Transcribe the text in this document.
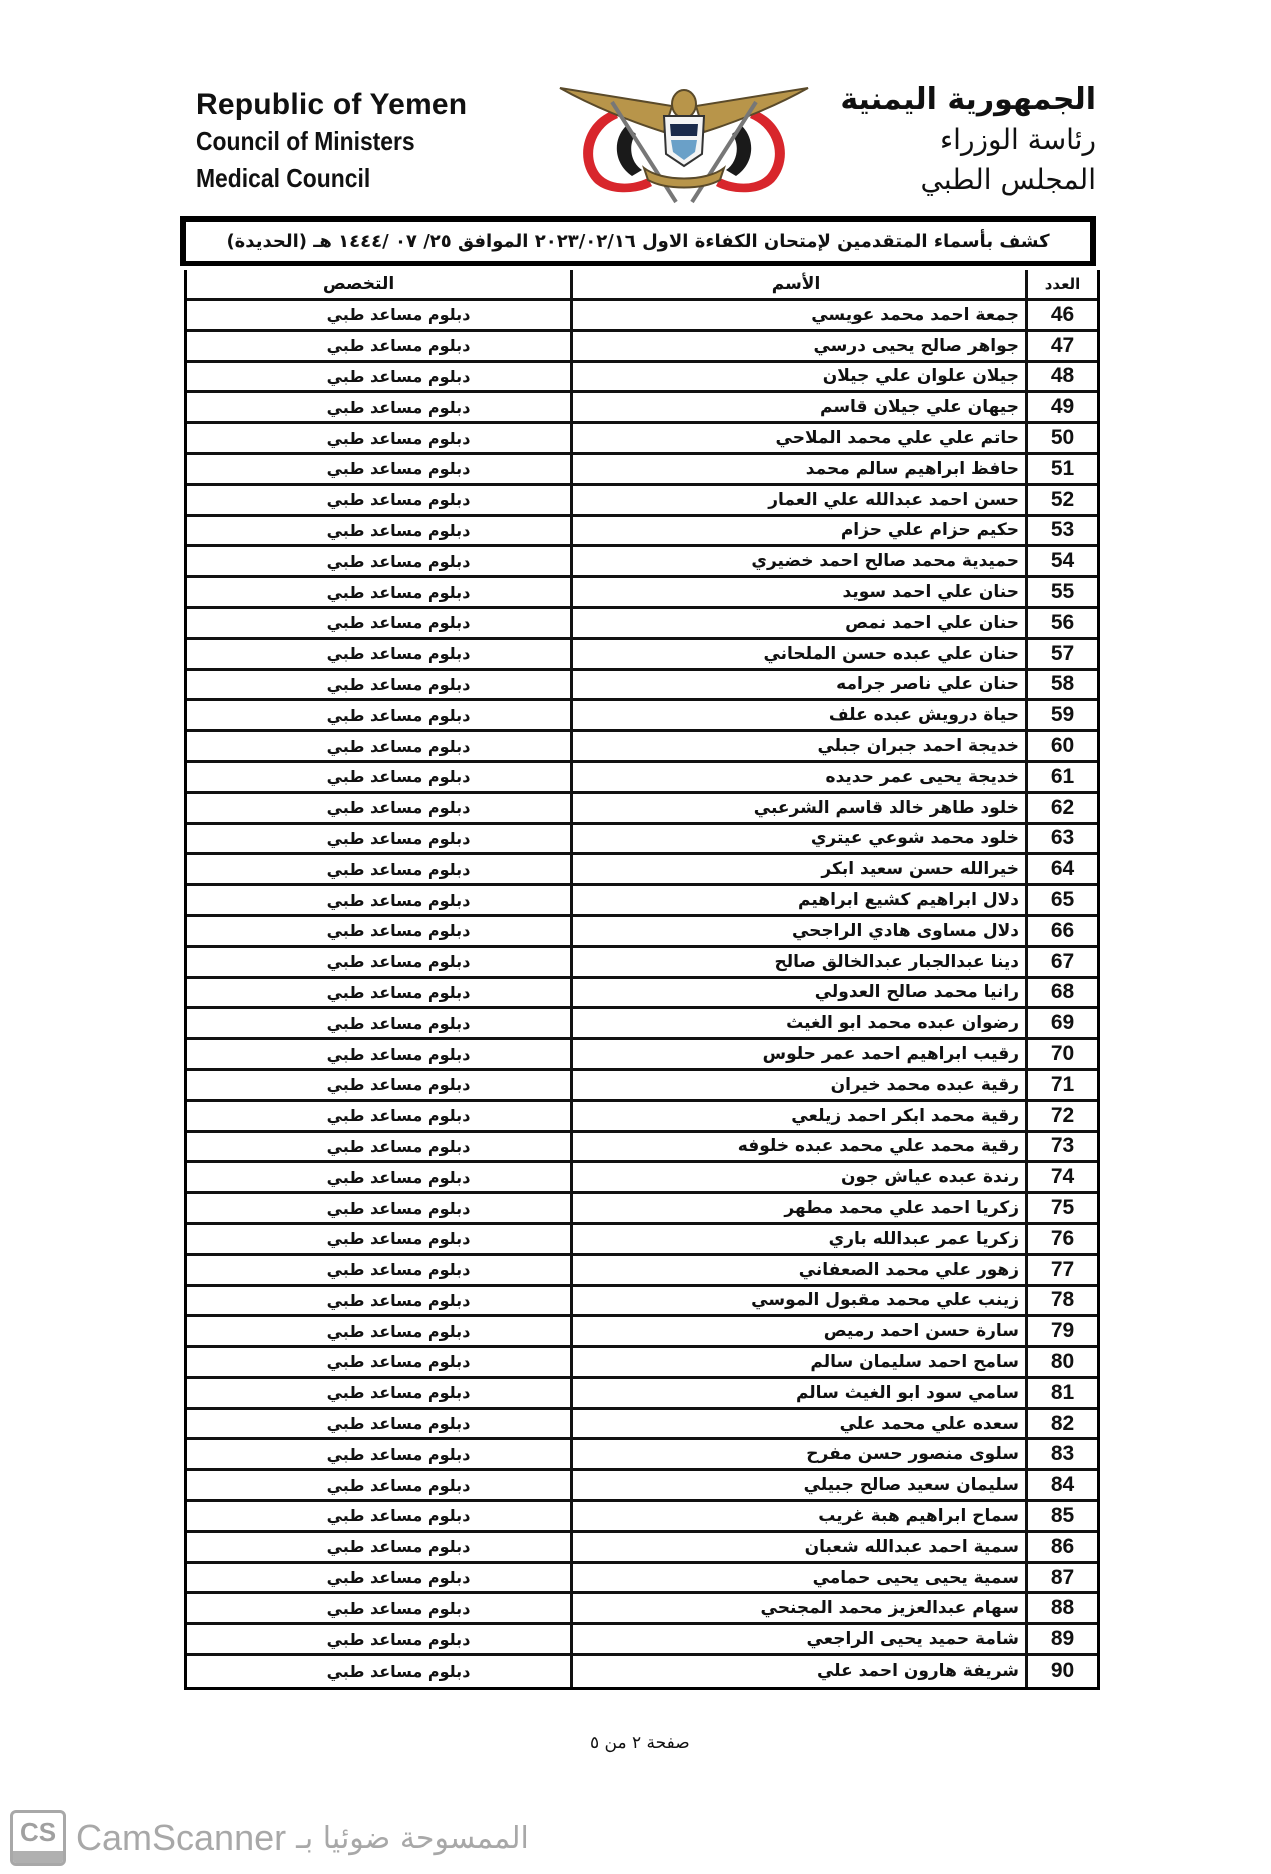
Republic of Yemen
Council of Ministers
Medical Council
الجمهورية اليمنية
رئاسة الوزراء
المجلس الطبي
كشف بأسماء المتقدمين لإمتحان الكفاءة الاول ٢٠٢٣/٠٢/١٦ الموافق ٢٥/ ٠٧ /١٤٤٤ هـ (الحديدة)
العدد
الأسم
التخصص
46
جمعة احمد محمد عويسي
دبلوم مساعد طبي
47
جواهر صالح يحيى درسي
دبلوم مساعد طبي
48
جيلان علوان علي جيلان
دبلوم مساعد طبي
49
جيهان علي جيلان قاسم
دبلوم مساعد طبي
50
حاتم علي علي محمد الملاحي
دبلوم مساعد طبي
51
حافظ ابراهيم سالم محمد
دبلوم مساعد طبي
52
حسن احمد عبدالله علي العمار
دبلوم مساعد طبي
53
حكيم حزام علي حزام
دبلوم مساعد طبي
54
حميدية محمد صالح احمد خضيري
دبلوم مساعد طبي
55
حنان علي احمد سويد
دبلوم مساعد طبي
56
حنان علي احمد نمص
دبلوم مساعد طبي
57
حنان علي عبده حسن الملحاني
دبلوم مساعد طبي
58
حنان علي ناصر جرامه
دبلوم مساعد طبي
59
حياة درويش عبده علف
دبلوم مساعد طبي
60
خديجة احمد جبران جبلي
دبلوم مساعد طبي
61
خديجة يحيى عمر حديده
دبلوم مساعد طبي
62
خلود طاهر خالد قاسم الشرعبي
دبلوم مساعد طبي
63
خلود محمد شوعي عيتري
دبلوم مساعد طبي
64
خيرالله حسن سعيد ابكر
دبلوم مساعد طبي
65
دلال ابراهيم كشيع ابراهيم
دبلوم مساعد طبي
66
دلال مساوى هادي الراجحي
دبلوم مساعد طبي
67
دينا عبدالجبار عبدالخالق صالح
دبلوم مساعد طبي
68
رانيا محمد صالح العدولي
دبلوم مساعد طبي
69
رضوان عبده محمد ابو الغيث
دبلوم مساعد طبي
70
رقيب ابراهيم احمد عمر حلوس
دبلوم مساعد طبي
71
رقية عبده محمد خيران
دبلوم مساعد طبي
72
رقية محمد ابكر احمد زيلعي
دبلوم مساعد طبي
73
رقية محمد علي محمد عبده خلوفه
دبلوم مساعد طبي
74
رندة عبده عياش جون
دبلوم مساعد طبي
75
زكريا احمد علي محمد مطهر
دبلوم مساعد طبي
76
زكريا عمر عبدالله باري
دبلوم مساعد طبي
77
زهور علي محمد الصعفاني
دبلوم مساعد طبي
78
زينب علي محمد مقبول الموسي
دبلوم مساعد طبي
79
سارة حسن احمد رميص
دبلوم مساعد طبي
80
سامح احمد سليمان سالم
دبلوم مساعد طبي
81
سامي سود ابو الغيث سالم
دبلوم مساعد طبي
82
سعده علي محمد علي
دبلوم مساعد طبي
83
سلوى منصور حسن مفرح
دبلوم مساعد طبي
84
سليمان سعيد صالح جبيلي
دبلوم مساعد طبي
85
سماح ابراهيم هبة غريب
دبلوم مساعد طبي
86
سمية احمد عبدالله شعبان
دبلوم مساعد طبي
87
سمية يحيى يحيى حمامي
دبلوم مساعد طبي
88
سهام عبدالعزيز محمد المجنحي
دبلوم مساعد طبي
89
شامة حميد يحيى الراجعي
دبلوم مساعد طبي
90
شريفة هارون احمد علي
دبلوم مساعد طبي
صفحة ٢ من ٥
CS CamScanner الممسوحة ضوئيا بـ
